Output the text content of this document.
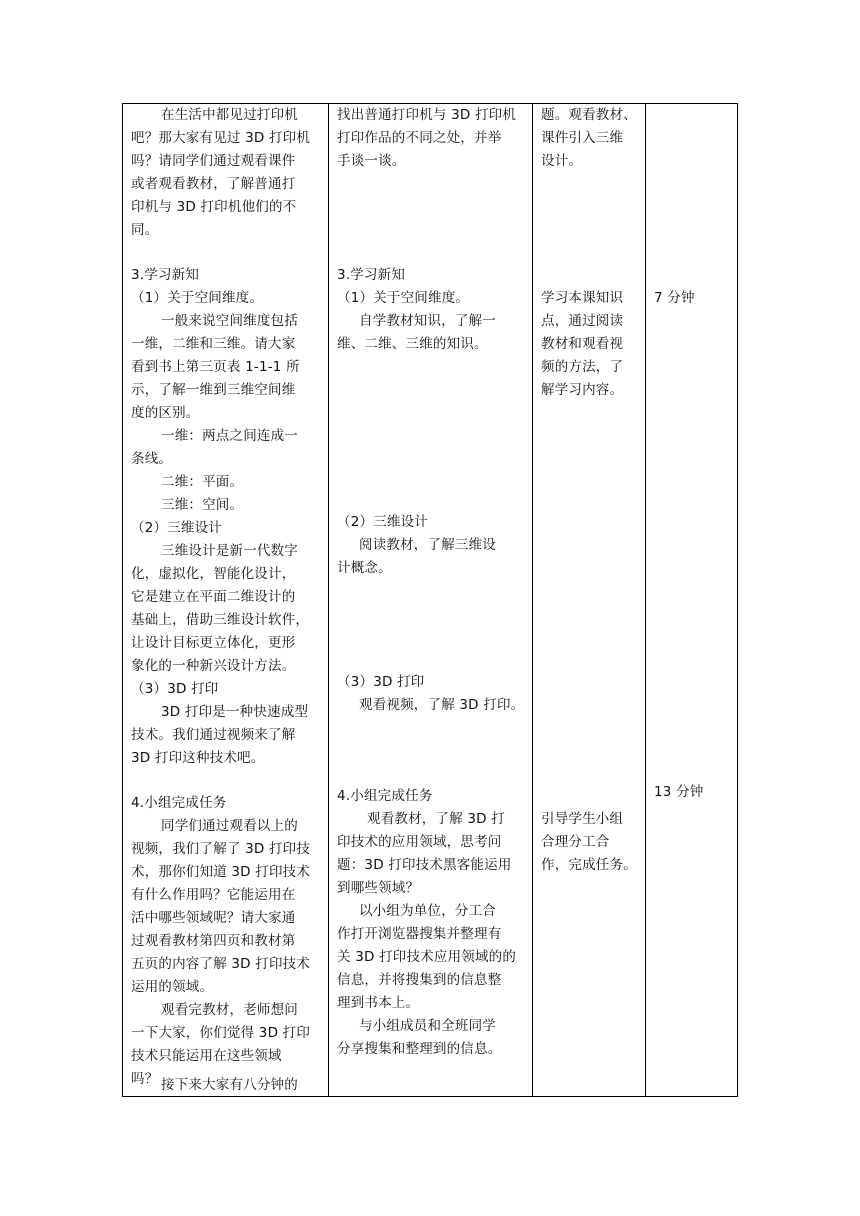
在生活中都见过打印机
吧？那大家有见过 3D 打印机
吗？请同学们通过观看课件
或者观看教材，了解普通打
印机与 3D 打印机他们的不
同。
3.学习新知
（1）关于空间维度。
一般来说空间维度包括
一维，二维和三维。请大家
看到书上第三页表 1-1-1 所
示，了解一维到三维空间维
度的区别。
一维：两点之间连成一
条线。
二维：平面。
三维：空间。
（2）三维设计
三维设计是新一代数字
化，虚拟化，智能化设计，
它是建立在平面二维设计的
基础上，借助三维设计软件，
让设计目标更立体化，更形
象化的一种新兴设计方法。
（3）3D 打印
3D 打印是一种快速成型
技术。我们通过视频来了解
3D 打印这种技术吧。
4.小组完成任务
同学们通过观看以上的
视频，我们了解了 3D 打印技
术，那你们知道 3D 打印技术
有什么作用吗？它能运用在
活中哪些领域呢？请大家通
过观看教材第四页和教材第
五页的内容了解 3D 打印技术
运用的领域。
观看完教材，老师想问
一下大家，你们觉得 3D 打印
技术只能运用在这些领域
吗？ 接下来大家有八分钟的
找出普通打印机与 3D 打印机
打印作品的不同之处，并举
手谈一谈。
3.学习新知
（1）关于空间维度。
自学教材知识，了解一
维、二维、三维的知识。
（2）三维设计
阅读教材，了解三维设
计概念。
（3）3D 打印
观看视频，了解 3D 打印。
4.小组完成任务
观看教材，了解 3D 打
印技术的应用领域，思考问
题：3D 打印技术黑客能运用
到哪些领域？
以小组为单位，分工合
作打开浏览器搜集并整理有
关 3D 打印技术应用领域的的
信息，并将搜集到的信息整
理到书本上。
与小组成员和全班同学
分享搜集和整理到的信息。
题。观看教材、
课件引入三维
设计。
学习本课知识
点，通过阅读
教材和观看视
频的方法，了
解学习内容。
引导学生小组
合理分工合
作，完成任务。
7 分钟
13 分钟
